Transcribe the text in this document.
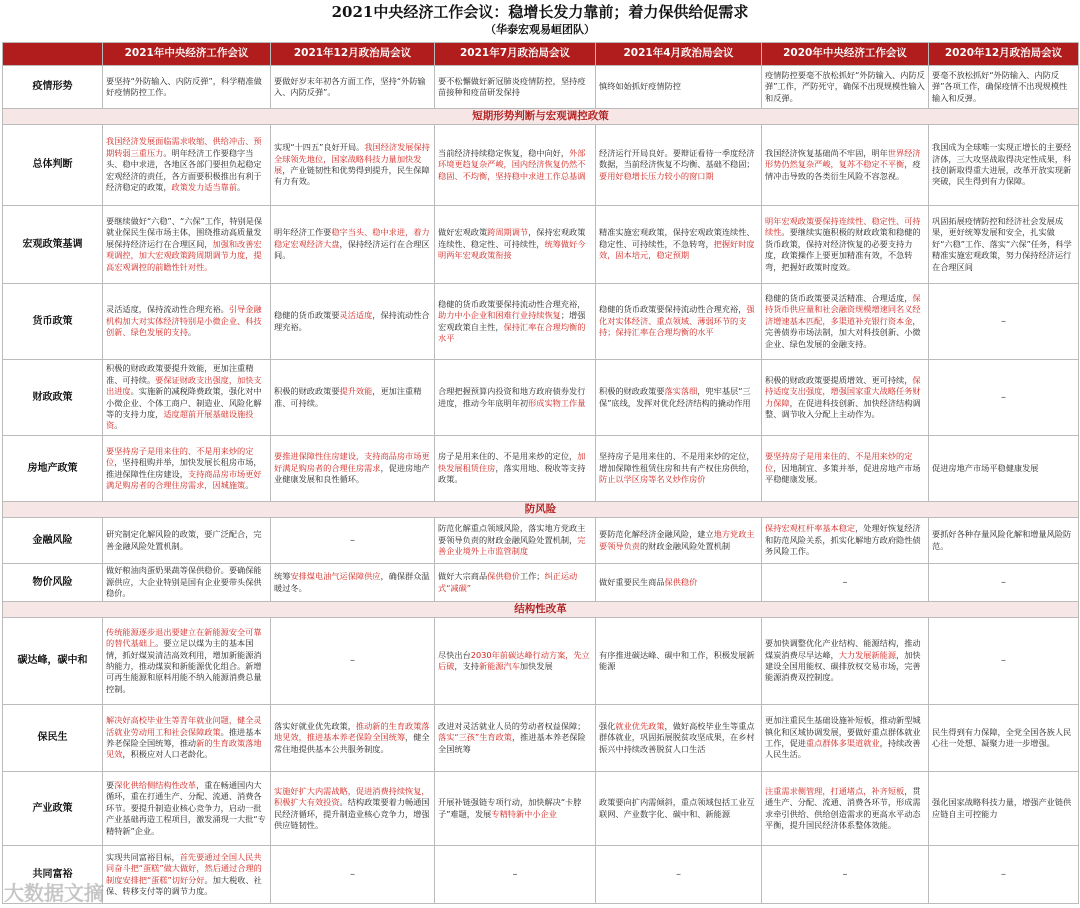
2021中央经济工作会议：稳增长发力靠前；着力保供给促需求
（华泰宏观易峘团队）
	2021年中央经济工作会议	2021年12月政治局会议	2021年7月政治局会议	2021年4月政治局会议	2020年中央经济工作会议	2020年12月政治局会议
疫情形势	要坚持“外防输入、内防反弹”，科学精准做好疫情防控工作。	要做好岁末年初各方面工作，坚持“外防输入、内防反弹”。	要不松懈做好新冠肺炎疫情防控，坚持疫苗接种和疫苗研发保持	慎终如始抓好疫情防控	疫情防控要毫不放松抓好“外防输入、内防反弹”工作，严防死守，确保不出现规模性输入和反弹。	要毫不放松抓好“外防输入、内防反弹”各项工作，确保疫情不出现规模性输入和反弹。
短期形势判断与宏观调控政策						
总体判断	我国经济发展面临需求收缩、供给冲击、预期转弱三重压力。明年经济工作要稳字当头、稳中求进，各地区各部门要担负起稳定宏观经济的责任，各方面要积极推出有利于经济稳定的政策，政策发力适当靠前。	实现“十四五”良好开局。我国经济发展保持全球领先地位，国家战略科技力量加快发展，产业链韧性和优势得到提升，民生保障有力有效。	当前经济持续稳定恢复，稳中向好，外部环境更趋复杂严峻，国内经济恢复仍然不稳固、不均衡，坚持稳中求进工作总基调	经济运行开局良好。要辩证看待一季度经济数据，当前经济恢复不均衡、基础不稳固；要用好稳增长压力较小的窗口期	我国经济恢复基础尚不牢固，明年世界经济形势仍然复杂严峻，复苏不稳定不平衡，疫情冲击导致的各类衍生风险不容忽视。	我国成为全球唯一实现正增长的主要经济体，三大攻坚战取得决定性成果，科技创新取得重大进展，改革开放实现新突破，民生得到有力保障。
宏观政策基调	要继续做好“六稳”、“六保”工作，特别是保就业保民生保市场主体，围绕推动高质量发展保持经济运行在合理区间，加强和改善宏观调控，加大宏观政策跨周期调节力度，提高宏观调控的前瞻性针对性。	明年经济工作要稳字当头、稳中求进，着力稳定宏观经济大盘，保持经济运行在合理区间。	做好宏观政策跨周期调节，保持宏观政策连续性、稳定性、可持续性，统筹做好今明两年宏观政策衔接	精准实施宏观政策，保持宏观政策连续性、稳定性、可持续性，不急转弯，把握好时度效，固本培元，稳定预期	明年宏观政策要保持连续性、稳定性、可持续性。要继续实施积极的财政政策和稳健的货币政策，保持对经济恢复的必要支持力度，政策操作上要更加精准有效，不急转弯，把握好政策时度效。	巩固拓展疫情防控和经济社会发展成果，更好统筹发展和安全，扎实做好“六稳”工作、落实“六保”任务，科学精准实施宏观政策，努力保持经济运行在合理区间
货币政策	灵活适度，保持流动性合理充裕。引导金融机构加大对实体经济特别是小微企业、科技创新、绿色发展的支持。	稳健的货币政策要灵活适度，保持流动性合理充裕。	稳健的货币政策要保持流动性合理充裕，助力中小企业和困难行业持续恢复；增强宏观政策自主性，保持汇率在合理均衡的水平	稳健的货币政策要保持流动性合理充裕，强化对实体经济、重点领域、薄弱环节的支持；保持汇率在合理均衡的水平	稳健的货币政策要灵活精准、合理适度，保持货币供应量和社会融资规模增速同名义经济增速基本匹配，多渠道补充银行资本金，完善债券市场法制，加大对科技创新、小微企业、绿色发展的金融支持。	–
财政政策	积极的财政政策要提升效能，更加注重精准、可持续。要保证财政支出强度，加快支出进度。实施新的减税降费政策，强化对中小微企业、个体工商户、制造业、风险化解等的支持力度，适度超前开展基础设施投资。	积极的财政政策要提升效能，更加注重精准、可持续。	合理把握预算内投资和地方政府债券发行进度，推动今年底明年初形成实物工作量	积极的财政政策要落实落细，兜牢基层“三保”底线，发挥对优化经济结构的撬动作用	积极的财政政策要提质增效、更可持续，保持适度支出强度，增强国家重大战略任务财力保障，在促进科技创新、加快经济结构调整、调节收入分配上主动作为。	–
房地产政策	要坚持房子是用来住的、不是用来炒的定位，坚持租购并举，加快发展长租房市场，推进保障性住房建设，支持商品房市场更好满足购房者的合理住房需求，因城施策。	要推进保障性住房建设，支持商品房市场更好满足购房者的合理住房需求，促进房地产业健康发展和良性循环。	房子是用来住的、不是用来炒的定位，加快发展租赁住房，落实用地、税收等支持政策。	坚持房子是用来住的、不是用来炒的定位，增加保障性租赁住房和共有产权住房供给，防止以学区房等名义炒作房价	要坚持房子是用来住的、不是用来炒的定位，因地制宜、多策并举，促进房地产市场平稳健康发展。	促进房地产市场平稳健康发展
防风险						
金融风险	研究制定化解风险的政策，要广泛配合，完善金融风险处置机制。	–	防范化解重点领域风险，落实地方党政主要领导负责的财政金融风险处置机制，完善企业境外上市监管制度	要防范化解经济金融风险，建立地方党政主要领导负责的财政金融风险处置机制	保持宏观杠杆率基本稳定，处理好恢复经济和防范风险关系，抓实化解地方政府隐性债务风险工作。	要抓好各种存量风险化解和增量风险防范。
物价风险	做好粮油肉蛋奶果蔬等保供稳价。要确保能源供应，大企业特别是国有企业要带头保供稳价。	统筹安排煤电油气运保障供应，确保群众温暖过冬。	做好大宗商品保供稳价工作；纠正运动式“减碳”	做好重要民生商品保供稳价	–	–
结构性改革						
碳达峰，碳中和	传统能源逐步退出要建立在新能源安全可靠的替代基础上。要立足以煤为主的基本国情，抓好煤炭清洁高效利用，增加新能源消纳能力，推动煤炭和新能源优化组合。新增可再生能源和原料用能不纳入能源消费总量控制。	–	尽快出台2030年前碳达峰行动方案，先立后破，支持新能源汽车加快发展	有序推进碳达峰、碳中和工作，积极发展新能源	要加快调整优化产业结构、能源结构，推动煤炭消费尽早达峰，大力发展新能源，加快建设全国用能权、碳排放权交易市场，完善能源消费双控制度。	–
保民生	解决好高校毕业生等青年就业问题，健全灵活就业劳动用工和社会保障政策。推进基本养老保险全国统筹，推动新的生育政策落地见效，积极应对人口老龄化。	落实好就业优先政策，推动新的生育政策落地见效，推进基本养老保险全国统筹，健全常住地提供基本公共服务制度。	改进对灵活就业人员的劳动者权益保障；落实“三孩”生育政策，推进基本养老保险全国统筹	强化就业优先政策，做好高校毕业生等重点群体就业，巩固拓展脱贫攻坚成果，在乡村振兴中持续改善脱贫人口生活	更加注重民生基础设施补短板，推动新型城镇化和区域协调发展，要做好重点群体就业工作，促进重点群体多渠道就业，持续改善人民生活。	民生得到有力保障，全党全国各族人民心往一处想、凝聚力进一步增强。
产业政策	要深化供给侧结构性改革，重在畅通国内大循环，重在打通生产、分配、流通、消费各环节。要提升制造业核心竞争力，启动一批产业基础再造工程项目，激发涌现一大批“专精特新”企业。	实施好扩大内需战略，促进消费持续恢复，积极扩大有效投资。结构政策要着力畅通国民经济循环，提升制造业核心竞争力，增强供应链韧性。	开展补链强链专项行动，加快解决“卡脖子”难题，发展专精特新中小企业	政策要向扩内需倾斜，重点领域包括工业互联网、产业数字化、碳中和、新能源	注重需求侧管理，打通堵点，补齐短板，贯通生产、分配、流通、消费各环节，形成需求牵引供给、供给创造需求的更高水平动态平衡，提升国民经济体系整体效能。	强化国家战略科技力量，增强产业链供应链自主可控能力
共同富裕	实现共同富裕目标，首先要通过全国人民共同奋斗把“蛋糕”做大做好，然后通过合理的制度安排把“蛋糕”切好分好。加大税收、社保、转移支付等的调节力度。	–	–	–	–	–
大数据文摘
